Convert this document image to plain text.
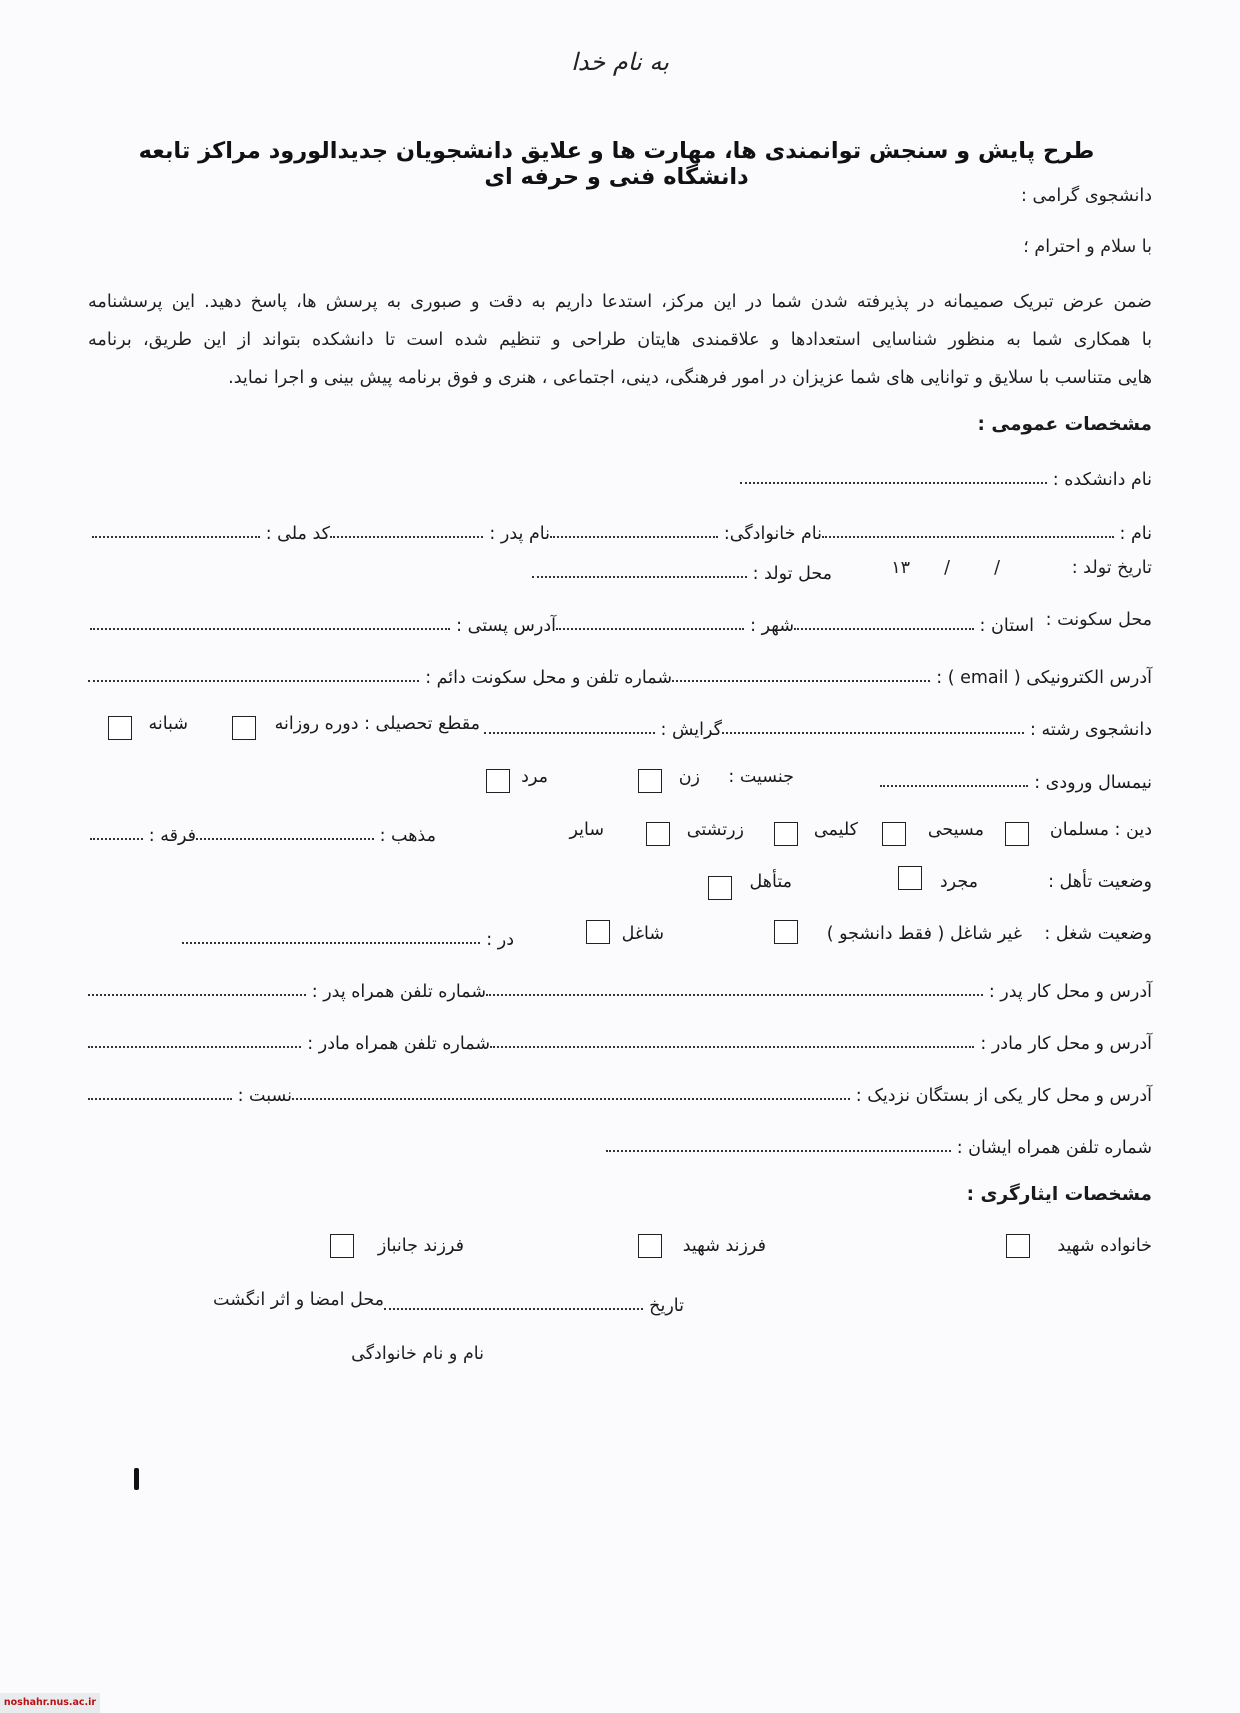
به نام خدا
طرح پایش و سنجش توانمندی ها، مهارت ها و علایق دانشجویان جدیدالورود مراکز تابعه دانشگاه فنی و حرفه ای
دانشجوی گرامی :
با سلام و احترام ؛
ضمن عرض تبریک صمیمانه در پذیرفته شدن شما در این مرکز، استدعا داریم به دقت و صبوری به پرسش ها، پاسخ دهید. این پرسشنامه
با همکاری شما به منظور شناسایی استعدادها و علاقمندی هایتان طراحی و تنظیم شده است تا دانشکده بتواند از این طریق، برنامه
هایی متناسب با سلایق و توانایی های شما عزیزان در امور فرهنگی، دینی، اجتماعی ، هنری و فوق برنامه پیش بینی و اجرا نماید.
مشخصات عمومی :
نام دانشکده :
نام :
نام خانوادگی:
نام پدر :
کد ملی :
تاریخ تولد :
/
/
۱۳
محل تولد :
محل سکونت :
استان :
شهر :
آدرس پستی :
آدرس الکترونیکی ( email ) :
شماره تلفن و محل سکونت دائم :
دانشجوی رشته :
گرایش :
مقطع تحصیلی : دوره روزانه
شبانه
نیمسال ورودی :
جنسیت :
زن
مرد
دین : مسلمان
مسیحی
کلیمی
زرتشتی
سایر
مذهب :
فرقه :
وضعیت تأهل :
مجرد
متأهل
وضعیت شغل :
غیر شاغل ( فقط دانشجو )
شاغل
در :
آدرس و محل کار پدر :
شماره تلفن همراه پدر :
آدرس و محل کار مادر :
شماره تلفن همراه مادر :
آدرس و محل کار یکی از بستگان نزدیک :
نسبت :
شماره تلفن همراه ایشان :
مشخصات ایثارگری :
خانواده شهید
فرزند شهید
فرزند جانباز
تاریخ
محل امضا و اثر انگشت
نام و نام خانوادگی
noshahr.nus.ac.ir
